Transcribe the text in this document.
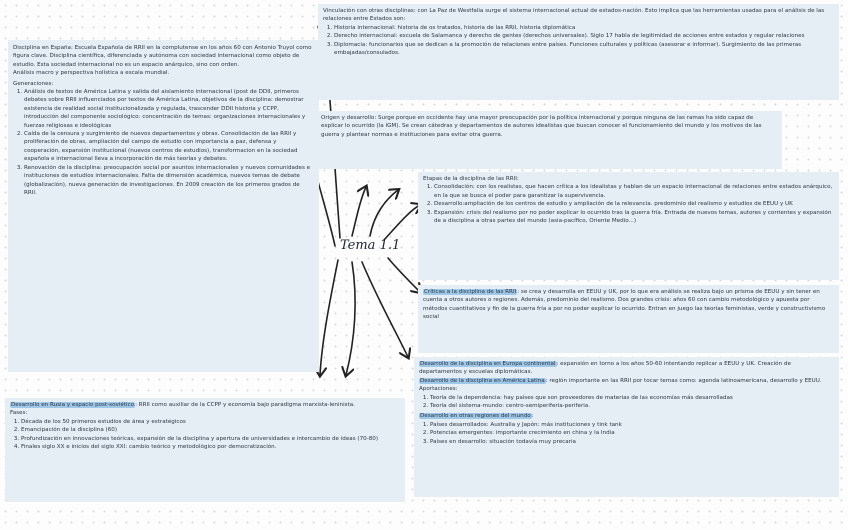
Tema 1.1

Vinculación con otras disciplinas: con La Paz de Westfalia surge el sistema internacional actual de estados-nación. Esto implica que las herramientas usadas para el análisis de las relaciones entre Estados son:

1. Historia internacional: historia de os tratados, historia de las RRII, historia diplomática
2. Derecho internacional: escuela de Salamanca y derecho de gentes (derechos universales). Siglo 17 habla de legitimidad de acciones entre estados y regular relaciones
3. Diplomacia: funcionarios que se dedican a la promoción de relaciones entre países. Funciones culturales y políticas (asesorar e informar). Surgimiento de las primeras embajadas/consulados.

Origen y desarrollo: Surge porque en occidente hay una mayor preocupación por la política internacional y porque ninguna de las ramas ha sido capaz de explicar lo ocurrido (la IGM). Se crean cátedras y departamentos de autores idealistas que buscan conocer el funcionamiento del mundo y los motivos de las guerra y plantear normas e instituciones para evitar otra guerra.

Etapas de la disciplina de las RRII:

1. Consolidación: con los realistas, que hacen crítica a los idealistas y hablan de un espacio internacional de relaciones entre estados anárquico, en la que se busca el poder para garantizar la supervivencia.
2. Desarrollo:ampliación de los centros de estudio y ampliación de la relevancia. predominio del realismo y estudios de EEUU y UK
3. Expansión: crisis del realismo por no poder explicar lo ocurrido tras la guerra fría. Entrada de nuevos temas, autores y corrientes y expansión de a disciplina a otras partes del mundo (asia-pacífico, Oriente Medio...)

Críticas a la disciplina de las RRII: se crea y desarrolla en EEUU y UK, por lo que era análisis se realiza bajo un prisma de EEUU y sin tener en cuenta a otros autores o regiones. Además, predominio del realismo. Dos grandes crisis: años 60 con cambio metodológico y apuesta por métodos cuantitativos y fin de la guerra fría a por no poder explicar lo ocurrido. Entran en juego las teorías feministas, verde y constructivismo social

Desarrollo de la disciplina en Europa continental: expansión en torno a los años 50-60 intentando replicar a EEUU y UK. Creación de departamentos y escuelas diplomáticas.

Desarrollo de la disciplina en América Latina: región importante en las RRII por tocar temas como: agenda latinoamericana, desarrollo y EEUU. Aportaciones:

1. Teoría de la dependencia: hay países que son proveedores de materias de las economías más desarrolladas
2. Teoría del sistema-mundo: centro-semiperiferia-periferia.

Desarrollo en otras regiones del mundo:

1. Países desarrollados: Australia y Japón: más instituciones y tink tank
2. Potencias emergentes: importante crecimiento en china y la India
3. Países en desarrollo: situación todavía muy precaria

Disciplina en España: Escuela Española de RRII en la complutense en los años 60 con Antonio Truyol como figura clave. Disciplina científica, diferenciada y autónoma con sociedad internacional como objeto de estudio. Esta sociedad internacional no es un espacio anárquico, sino con orden.

Análisis macro y perspectiva holística a escala mundial.

Generaciones:

1. Análisis de textos de América Latina y salida del aislamiento internacional (post de DDII, primeros debates sobre RRII influenciados por textos de América Latina, objetivos de la disciplina: demostrar existencia de realidad social institucionalizada y regulada, trascender DDII historia y CCPP, introducción del componente sociológico: concentración de temas: organizaciones internacionales y fuerzas religiosas e ideológicas
2. Caída de la censura y surgimiento de nuevos departamentos y obras. Consolidación de las RRII y proliferación de obras, ampliación del campo de estudio con importancia a paz, defensa y cooperación, expansión institucional (nuevos centros de estudios), transformacion en la sociedad española e internacional lleva a incorporación de más teorías y debates.
3. Renovación de la disciplina: preocupación social por asuntos internacionales y nuevos comunidades e instituciones de estudios internacionales. Falta de dimensión académica, nuevos temas de debate (globalización), nueva generación de investigaciones. En 2009 creación de los primeros grados de RRII.

Desarrollo en Rusia y espacio post-soviético: RRII como auxiliar de la CCPP y economía bajo paradigma marxista-leninista.

Fases:

1. Década de los 50 primeros estudios de área y estratégicos
2. Emancipación de la disciplina (60)
3. Profundización en innovaciones teóricas, expansión de la disciplina y apertura de universidades e intercambio de ideas (70-80)
4. Finales siglo XX e inicios del siglo XXI: cambio teórico y metodológico por democratización.
